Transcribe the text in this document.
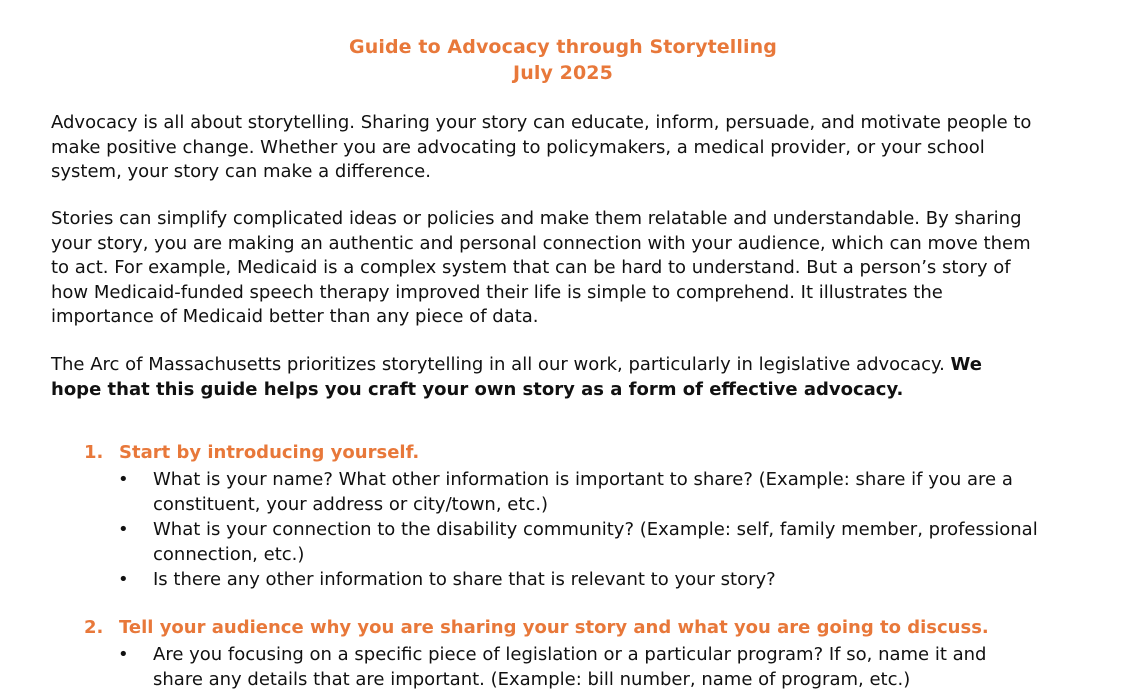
Guide to Advocacy through Storytelling
July 2025
Advocacy is all about storytelling. Sharing your story can educate, inform, persuade, and motivate people to
make positive change. Whether you are advocating to policymakers, a medical provider, or your school
system, your story can make a difference.
Stories can simplify complicated ideas or policies and make them relatable and understandable. By sharing
your story, you are making an authentic and personal connection with your audience, which can move them
to act. For example, Medicaid is a complex system that can be hard to understand. But a person’s story of
how Medicaid-funded speech therapy improved their life is simple to comprehend. It illustrates the
importance of Medicaid better than any piece of data.
The Arc of Massachusetts prioritizes storytelling in all our work, particularly in legislative advocacy. We
hope that this guide helps you craft your own story as a form of effective advocacy.
1. Start by introducing yourself.
•	What is your name? What other information is important to share? (Example: share if you are a
constituent, your address or city/town, etc.)
•	What is your connection to the disability community? (Example: self, family member, professional
connection, etc.)
•	Is there any other information to share that is relevant to your story?
2. Tell your audience why you are sharing your story and what you are going to discuss.
•	Are you focusing on a specific piece of legislation or a particular program? If so, name it and
share any details that are important. (Example: bill number, name of program, etc.)
